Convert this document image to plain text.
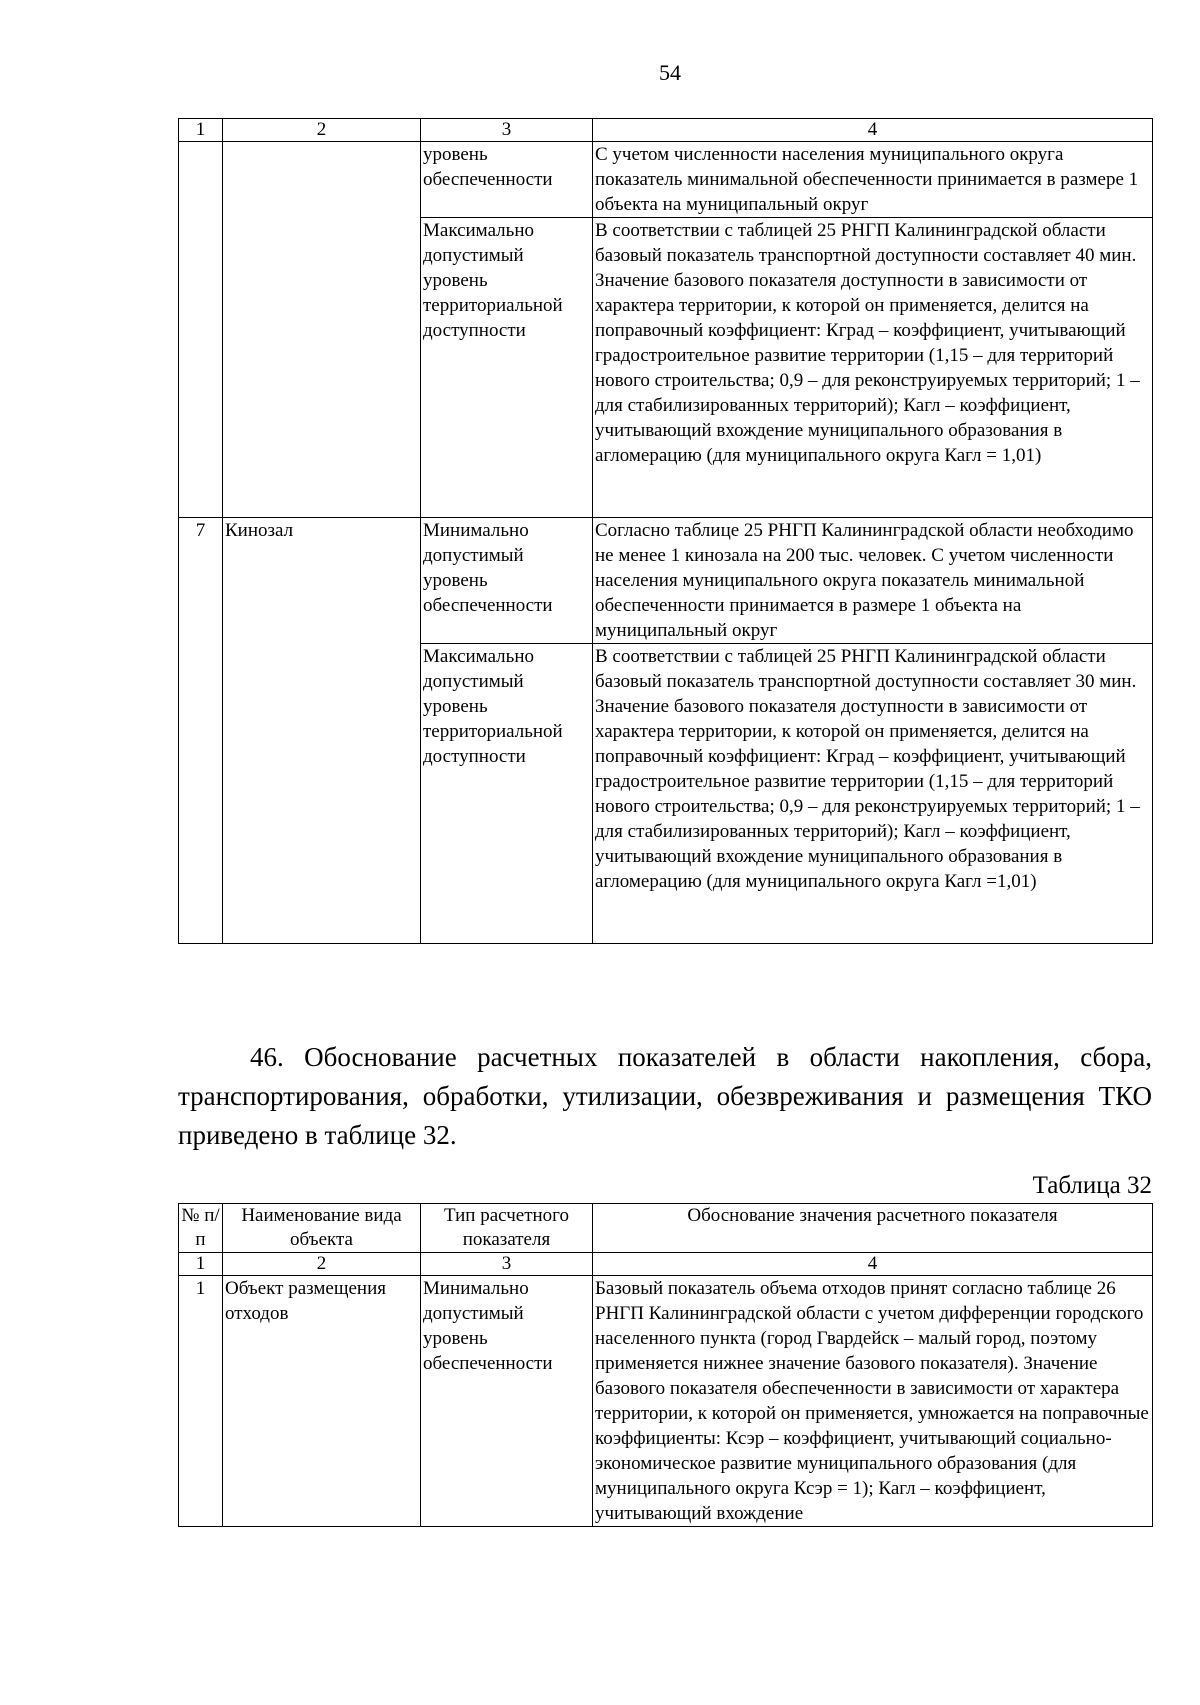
54
1	2	3	4
		уровень обеспеченности	С учетом численности населения муниципального округа показатель минимальной обеспеченности принимается в размере 1 объекта на муниципальный округ
		Максимально допустимый уровень территориальной доступности	В соответствии с таблицей 25 РНГП Калининградской области базовый показатель транспортной доступности составляет 40 мин. Значение базового показателя доступности в зависимости от характера территории, к которой он применяется, делится на поправочный коэффициент: Кград – коэффициент, учитывающий градостроительное развитие территории (1,15 – для территорий нового строительства; 0,9 – для реконструируемых территорий; 1 – для стабилизированных территорий); Кагл – коэффициент, учитывающий вхождение муниципального образования в агломерацию (для муниципального округа Кагл = 1,01)
7	Кинозал	Минимально допустимый уровень обеспеченности	Согласно таблице 25 РНГП Калининградской области необходимо не менее 1 кинозала на 200 тыс. человек. С учетом численности населения муниципального округа показатель минимальной обеспеченности принимается в размере 1 объекта на муниципальный округ
		Максимально допустимый уровень территориальной доступности	В соответствии с таблицей 25 РНГП Калининградской области базовый показатель транспортной доступности составляет 30 мин. Значение базового показателя доступности в зависимости от характера территории, к которой он применяется, делится на поправочный коэффициент: Кград – коэффициент, учитывающий градостроительное развитие территории (1,15 – для территорий нового строительства; 0,9 – для реконструируемых территорий; 1 – для стабилизированных территорий); Кагл – коэффициент, учитывающий вхождение муниципального образования в агломерацию (для муниципального округа Кагл =1,01)
46. Обоснование расчетных показателей в области накопления, сбора, транспортирования, обработки, утилизации, обезвреживания и размещения ТКО приведено в таблице 32.
Таблица 32
№ п/п	Наименование вида объекта	Тип расчетного показателя	Обоснование значения расчетного показателя
1	2	3	4
1	Объект размещения отходов	Минимально допустимый уровень обеспеченности	Базовый показатель объема отходов принят согласно таблице 26 РНГП Калининградской области с учетом дифференции городского населенного пункта (город Гвардейск – малый город, поэтому применяется нижнее значение базового показателя). Значение базового показателя обеспеченности в зависимости от характера территории, к которой он применяется, умножается на поправочные коэффициенты: Ксэр – коэффициент, учитывающий социально-экономическое развитие муниципального образования (для муниципального округа Ксэр = 1); Кагл – коэффициент, учитывающий вхождение
